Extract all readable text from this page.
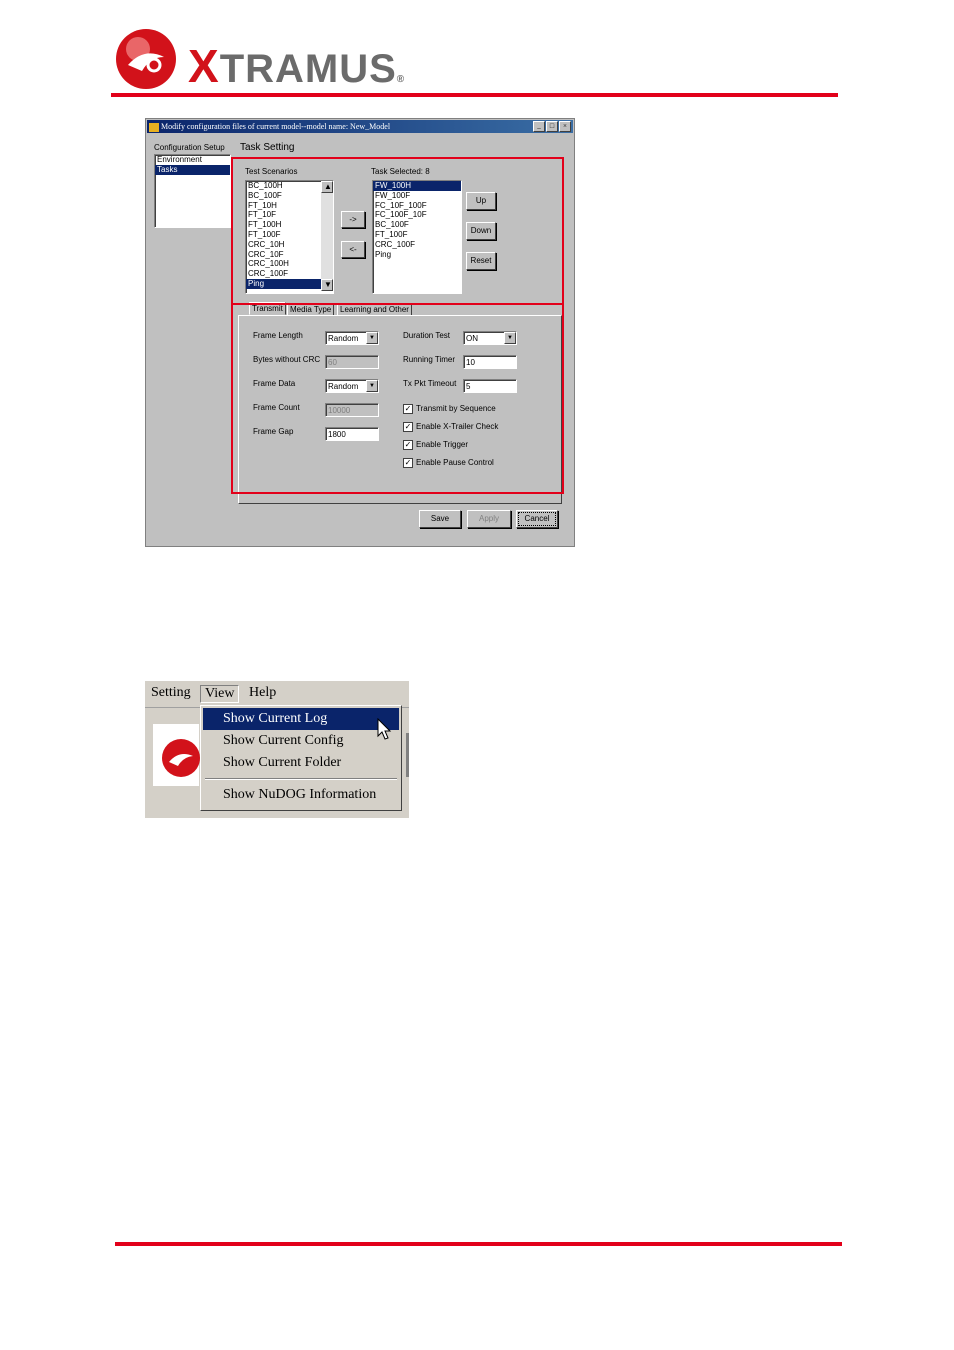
XTRAMUS®
Modify configuration files of current model--model name: New_Model	_	□	×
Configuration Setup
Environment
Tasks
Task Setting
Test Scenarios
BC_100H
BC_100F
FT_10H
FT_10F
FT_100H
FT_100F
CRC_10H
CRC_10F
CRC_100H
CRC_100F
Ping
▲
▼
->
<-
Task Selected: 8
FW_100H
FW_100F
FC_10F_100F
FC_100F_10F
BC_100F
FT_100F
CRC_100F
Ping
Up
Down
Reset
Transmit Media Type	Learning and Other
Frame Length	Random	▼
Bytes without CRC 60
Frame Data	Random	▼
Frame Count	10000
Frame Gap	1800
Duration Test	ON	▼
Running Timer	10
Tx Pkt Timeout	5
✓ Transmit by Sequence
✓ Enable X-Trailer Check
✓ Enable Trigger
✓ Enable Pause Control
Save	Apply	Cancel
Setting	View	Help
Show Current Log
Show Current Config
Show Current Folder
Show NuDOG Information
